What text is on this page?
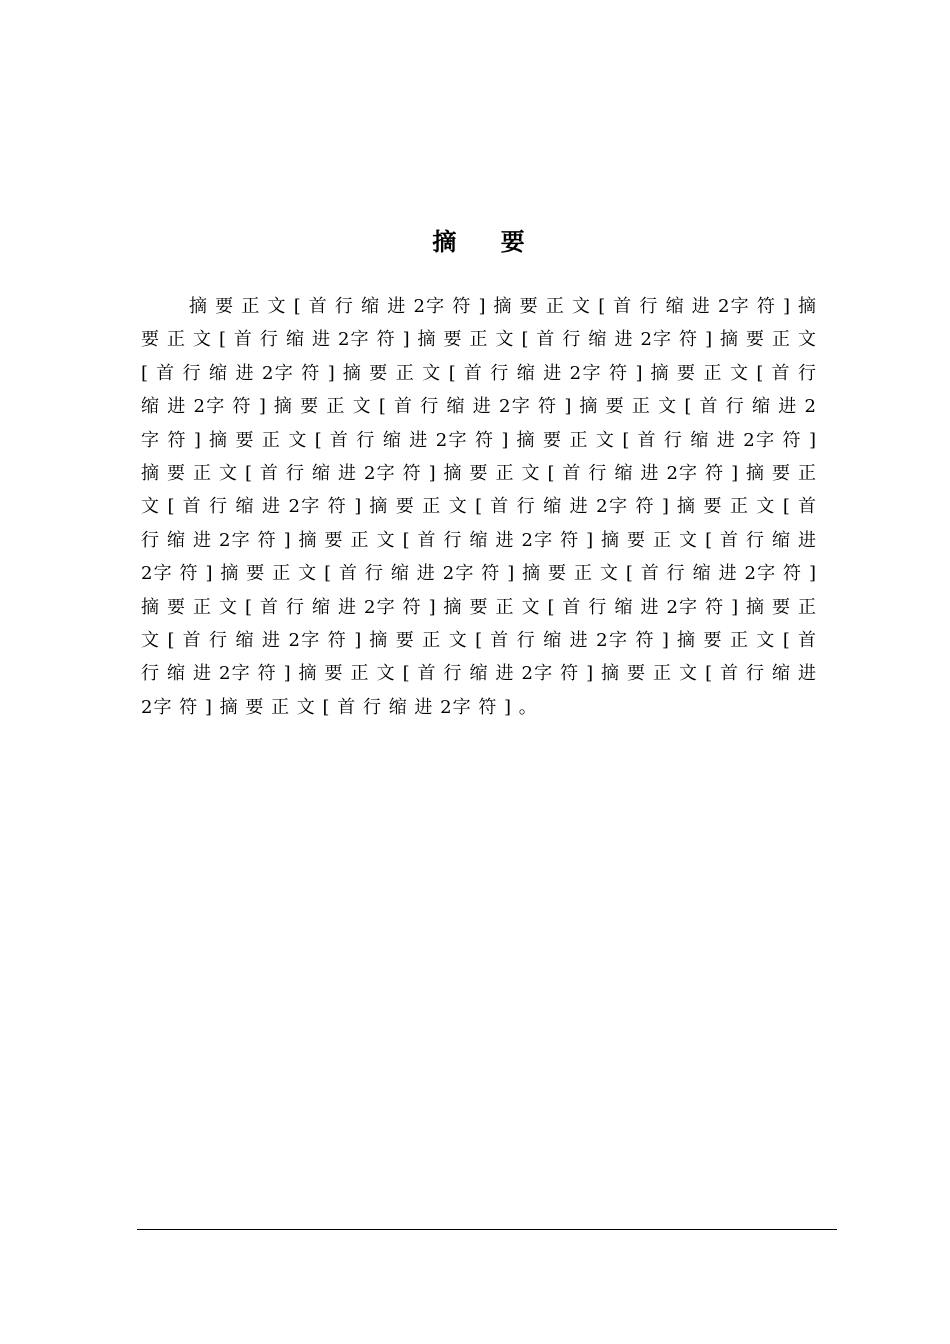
摘 要

摘 要 正 文 [ 首 行 缩 进 2字 符 ] 摘 要 正 文 [ 首 行 缩 进 2字 符 ] 摘 要 正 文 [ 首 行 缩 进 2字 符 ] 摘 要 正 文 [ 首 行 缩 进 2字 符 ] 摘 要 正 文 [ 首 行 缩 进 2字 符 ] 摘 要 正 文 [ 首 行 缩 进 2字 符 ] 摘 要 正 文 [ 首 行 缩 进 2字 符 ] 摘 要 正 文 [ 首 行 缩 进 2字 符 ] 摘 要 正 文 [ 首 行 缩 进 2字 符 ] 摘 要 正 文 [ 首 行 缩 进 2字 符 ] 摘 要 正 文 [ 首 行 缩 进 2字 符 ] 摘 要 正 文 [ 首 行 缩 进 2字 符 ] 摘 要 正 文 [ 首 行 缩 进 2字 符 ] 摘 要 正 文 [ 首 行 缩 进 2字 符 ] 摘 要 正 文 [ 首 行 缩 进 2字 符 ] 摘 要 正 文 [ 首 行 缩 进 2字 符 ] 摘 要 正 文 [ 首 行 缩 进 2字 符 ] 摘 要 正 文 [ 首 行 缩 进 2字 符 ] 摘 要 正 文 [ 首 行 缩 进 2字 符 ] 摘 要 正 文 [ 首 行 缩 进 2字 符 ] 摘 要 正 文 [ 首 行 缩 进 2字 符 ] 摘 要 正 文 [ 首 行 缩 进 2字 符 ] 摘 要 正 文 [ 首 行 缩 进 2字 符 ] 摘 要 正 文 [ 首 行 缩 进 2字 符 ] 摘 要 正 文 [ 首 行 缩 进 2字 符 ] 摘 要 正 文 [ 首 行 缩 进 2字 符 ] 摘 要 正 文 [ 首 行 缩 进 2字 符 ] 摘 要 正 文 [ 首 行 缩 进 2字 符 ] 。
